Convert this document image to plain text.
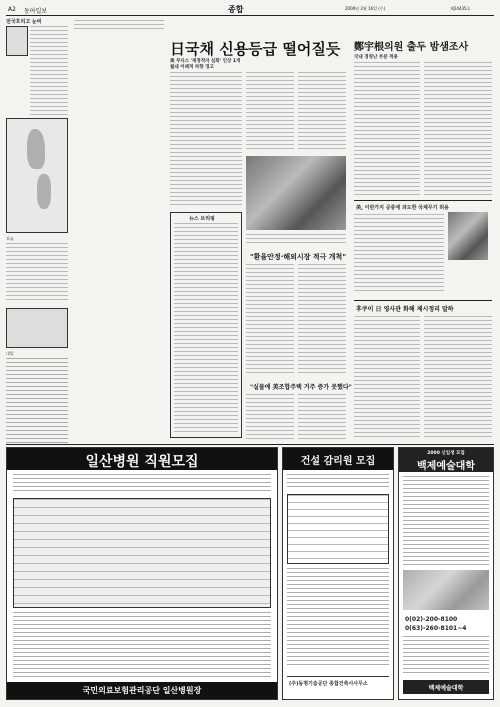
A2 동아일보	종합	2000년 2월 16일 (수)	제24435호
전국흐리고 눈비
오늘
내일
日국채 신용등급 떨어질듯
美 무디스 '재정적자 심화' 인상 1개월내 이례적 하향 경고
뉴스 브리핑
"환율안정·해외시장 적극 개척"
"실물에 美조합주택 거주 증가 못했다"
鄭宇根의원 출두 밤샘조사
국내 경영난 부분 적용
美, 이란가지 공중에 과도한 국제무기 허용
후쿠이 日 영사관 화해 제시정리 말하
일산병원 직원모집
국민의료보험관리공단 일산병원장
건설 감리원 모집
(주)동명기술공단 종합건축사사무소
2000 신입생 모집
백제예술대학
0(02)-200-8100
0(63)-260-8101~4
백제예술대학
